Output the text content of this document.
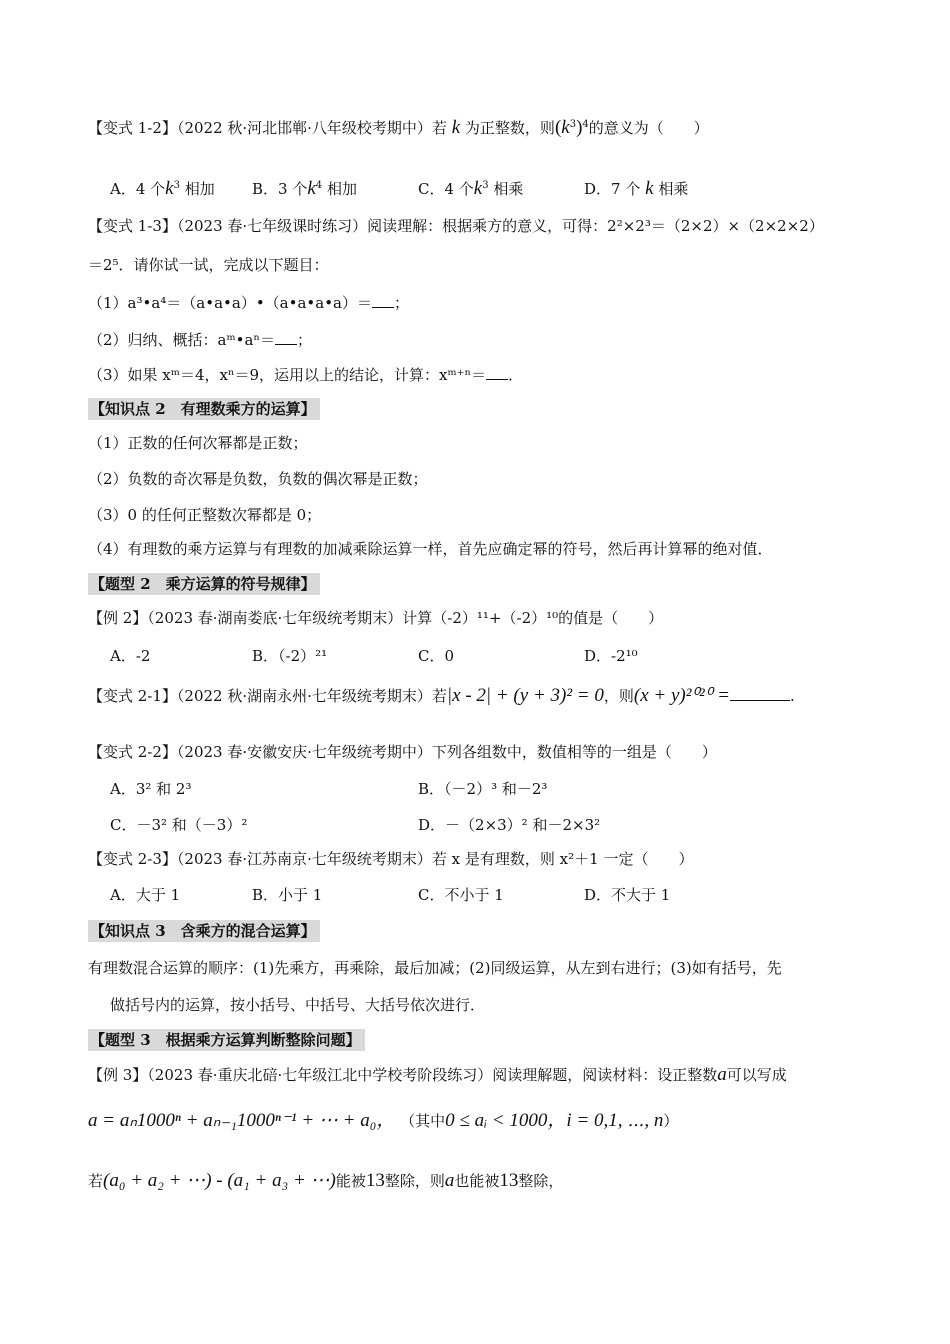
【变式 1-2】（2022 秋·河北邯郸·八年级校考期中）若 k 为正整数，则$(k^3)^4$的意义为（　　）
A．4 个$k^3$ 相加 B．3 个$k^4$ 相加	C．4 个$k^3$ 相乘	D．7 个 k 相乘
【变式 1-3】（2023 春·七年级课时练习）阅读理解：根据乘方的意义，可得：2²×2³＝（2×2）×（2×2×2）
＝2⁵．请你试一试，完成以下题目：
（1）a³•a⁴＝（a•a•a）•（a•a•a•a）＝ ；
（2）归纳、概括：aᵐ•aⁿ＝ ；
（3）如果 xᵐ＝4，xⁿ＝9，运用以上的结论，计算：xᵐ⁺ⁿ＝ ．
【知识点 2　有理数乘方的运算】
（1）正数的任何次幂都是正数；
（2）负数的奇次幂是负数，负数的偶次幂是正数；
（3）0 的任何正整数次幂都是 0；
（4）有理数的乘方运算与有理数的加减乘除运算一样，首先应确定幂的符号，然后再计算幂的绝对值．
【题型 2　乘方运算的符号规律】
【例 2】（2023 春·湖南娄底·七年级统考期末）计算（-2）¹¹+（-2）¹⁰的值是（　　）
A．-2	B．（-2）²¹	C．0	D．-2¹⁰
【变式 2-1】（2022 秋·湖南永州·七年级统考期末）若|x - 2| + (y + 3)² = 0，则(x + y)²⁰²⁰ =	.
【变式 2-2】（2023 春·安徽安庆·七年级统考期中）下列各组数中，数值相等的一组是（　　）
A．3² 和 2³	B．（－2）³ 和－2³
C．－3² 和（－3）²	D．－（2×3）² 和－2×3²
【变式 2-3】（2023 春·江苏南京·七年级统考期末）若 x 是有理数，则 x²＋1 一定（　　）
A．大于 1	B．小于 1	C．不小于 1	D．不大于 1
【知识点 3　含乘方的混合运算】
有理数混合运算的顺序：(1)先乘方，再乘除，最后加减；(2)同级运算，从左到右进行；(3)如有括号，先
做括号内的运算，按小括号、中括号、大括号依次进行．
【题型 3　根据乘方运算判断整除问题】
【例 3】（2023 春·重庆北碚·七年级江北中学校考阶段练习）阅读理解题，阅读材料：设正整数a可以写成
a = aₙ1000ⁿ + aₙ₋₁1000ⁿ⁻¹ + ⋯ + a₀， （其中0 ≤ aᵢ < 1000，i = 0,1, ⋯, n）
若(a₀ + a₂ + ⋯) - (a₁ + a₃ + ⋯)能被13整除，则a也能被13整除，
